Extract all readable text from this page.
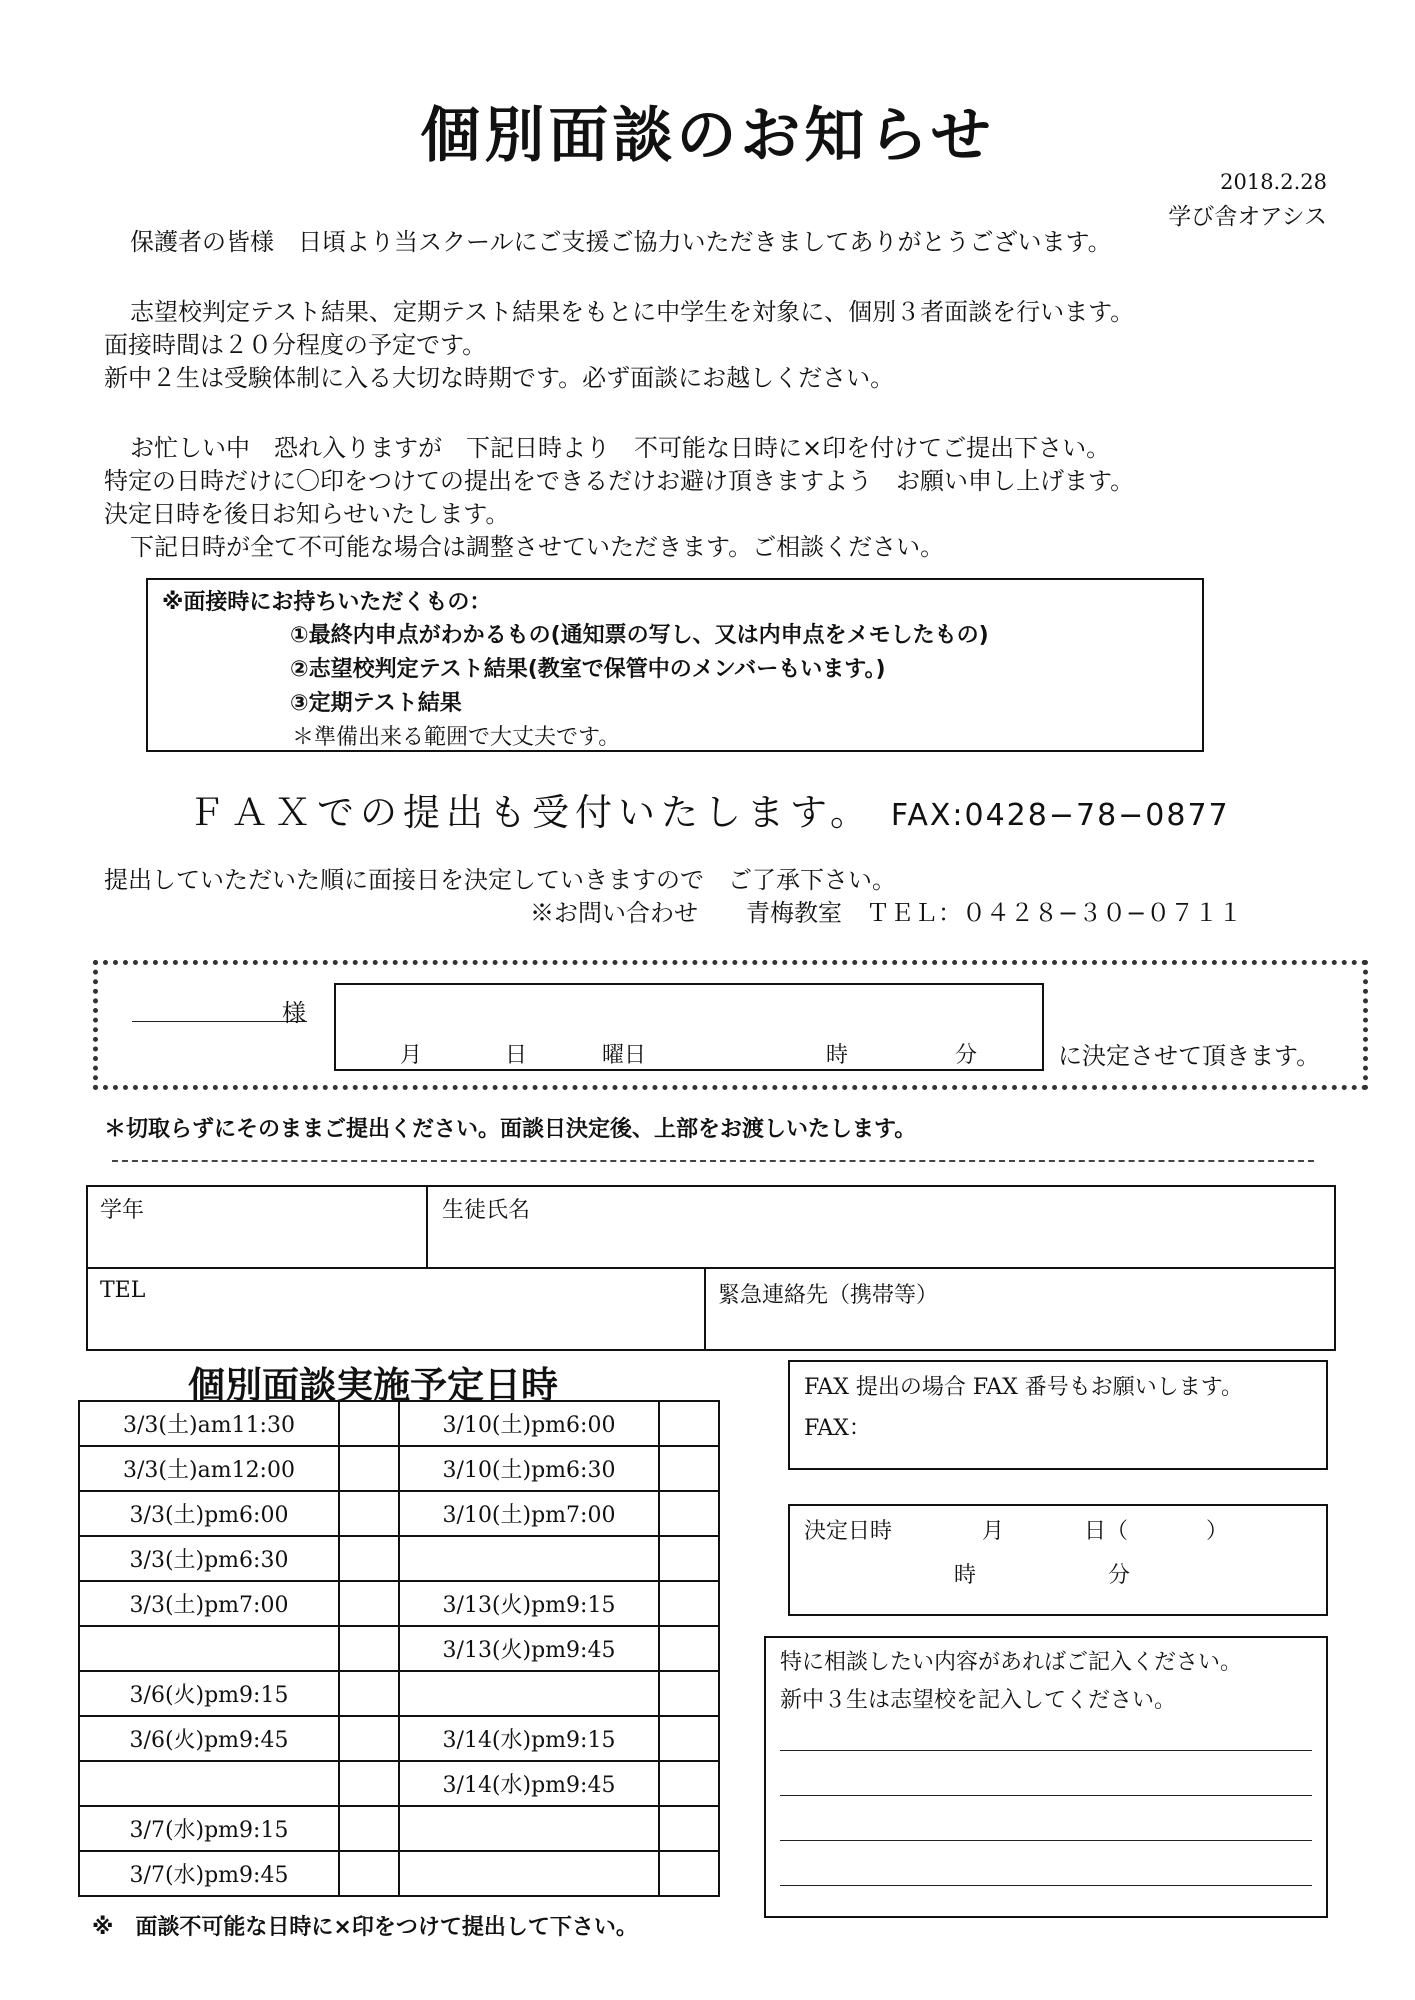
個別面談のお知らせ
2018.2.28
学び舎オアシス
保護者の皆様　日頃より当スクールにご支援ご協力いただきましてありがとうございます。
志望校判定テスト結果、定期テスト結果をもとに中学生を対象に、個別３者面談を行います。
面接時間は２０分程度の予定です。
新中２生は受験体制に入る大切な時期です。必ず面談にお越しください。
お忙しい中　恐れ入りますが　下記日時より　不可能な日時に×印を付けてご提出下さい。
特定の日時だけに〇印をつけての提出をできるだけお避け頂きますよう　お願い申し上げます。
決定日時を後日お知らせいたします。
下記日時が全て不可能な場合は調整させていただきます。ご相談ください。
※面接時にお持ちいただくもの：
①最終内申点がわかるもの(通知票の写し、又は内申点をメモしたもの)
②志望校判定テスト結果(教室で保管中のメンバーもいます。)
③定期テスト結果
＊準備出来る範囲で大丈夫です。
ＦＡＸでの提出も受付いたします。 FAX:0428−78−0877
提出していただいた順に面接日を決定していきますので　ご了承下さい。
※お問い合わせ　　青梅教室　ＴＥＬ：０４２８−３０−０７１１
様
月	日	曜日	時	分	に決定させて頂きます。
＊切取らずにそのままご提出ください。面談日決定後、上部をお渡しいたします。
学年	生徒氏名
TEL	緊急連絡先（携帯等）
個別面談実施予定日時
3/3(土)am11:30		3/10(土)pm6:00	
3/3(土)am12:00		3/10(土)pm6:30	
3/3(土)pm6:00		3/10(土)pm7:00	
3/3(土)pm6:30			
3/3(土)pm7:00		3/13(火)pm9:15	
		3/13(火)pm9:45	
3/6(火)pm9:15			
3/6(火)pm9:45		3/14(水)pm9:15	
		3/14(水)pm9:45	
3/7(水)pm9:15			
3/7(水)pm9:45			
※　面談不可能な日時に×印をつけて提出して下さい。
FAX 提出の場合 FAX 番号もお願いします。
FAX：
決定日時	月	日（	）
時	分
特に相談したい内容があればご記入ください。
新中３生は志望校を記入してください。
